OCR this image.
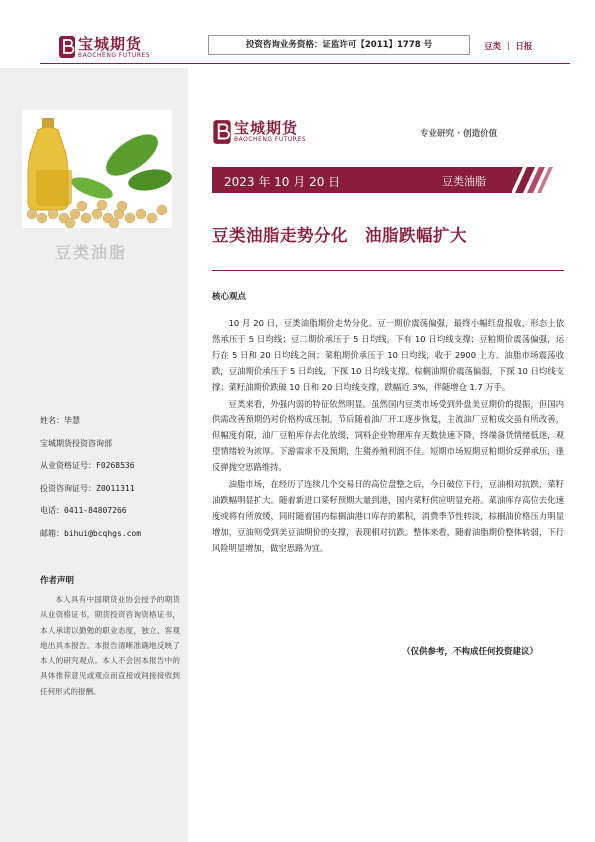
宝城期货
BAOCHENG FUTURES
投资咨询业务资格：证监许可【2011】1778 号	豆类 ｜ 日报
豆类油脂
姓名：毕慧
宝城期货投资咨询部
从业资格证号：F0268536
投资咨询证号：Z0011311
电话：0411-84807266
邮箱：bihui@bcqhgs.com
作者声明
本人具有中国期货业协会授予的期货从业资格证书，期货投资咨询资格证书，本人承诺以勤勉的职业态度，独立、客观地出具本报告。本报告清晰准确地反映了本人的研究观点。本人不会因本报告中的具体推荐意见或观点而直接或间接接收到任何形式的报酬。
宝城期货
BAOCHENG FUTURES
专业研究 · 创造价值
2023 年 10 月 20 日	豆类油脂
豆类油脂走势分化　油脂跌幅扩大
核心观点

10 月 20 日，豆类油脂期价走势分化。豆一期价震荡偏强，最终小幅红盘报收，形态上依然承压于 5 日均线；豆二期价承压于 5 日均线，下有 10 日均线支撑；豆粕期价震荡偏强，运行在 5 日和 20 日均线之间；菜粕期价承压于 10 日均线，收于 2900 上方。油脂市场震荡收跌，豆油期价承压于 5 日均线，下探 10 日均线支撑。棕榈油期价震荡偏弱，下探 10 日均线支撑；菜籽油期价跌破 10 日和 20 日均线支撑，跌幅近 3%，伴随增仓 1.7 万手。

豆类来看，外强内弱的特征依然明显。虽然国内豆类市场受到外盘美豆期价的提振，但国内供需改善预期仍对价格构成压制。节后随着油厂开工逐步恢复，主流油厂豆粕成交虽有所改善，但幅度有限，油厂豆粕库存去化放缓，饲料企业物理库存天数快速下降，终端备货情绪低迷，观望情绪较为浓厚。下游需求不及预期，生猪养殖利润不佳。短期市场短期豆粕期价反弹承压，逢反弹抛空思路维持。

油脂市场，在经历了连续几个交易日的高位盘整之后，今日破位下行，豆油相对抗跌，菜籽油跌幅明显扩大。随着新进口菜籽预期大量到港，国内菜籽供应明显充裕。菜油库存高位去化速度或将有所放缓，同时随着国内棕榈油港口库存的累积，消费季节性转淡，棕榈油价格压力明显增加，豆油则受到美豆油期价的支撑，表现相对抗跌。整体来看，随着油脂期价整体转弱，下行风险明显增加，做空思路为宜。

（仅供参考，不构成任何投资建议）
